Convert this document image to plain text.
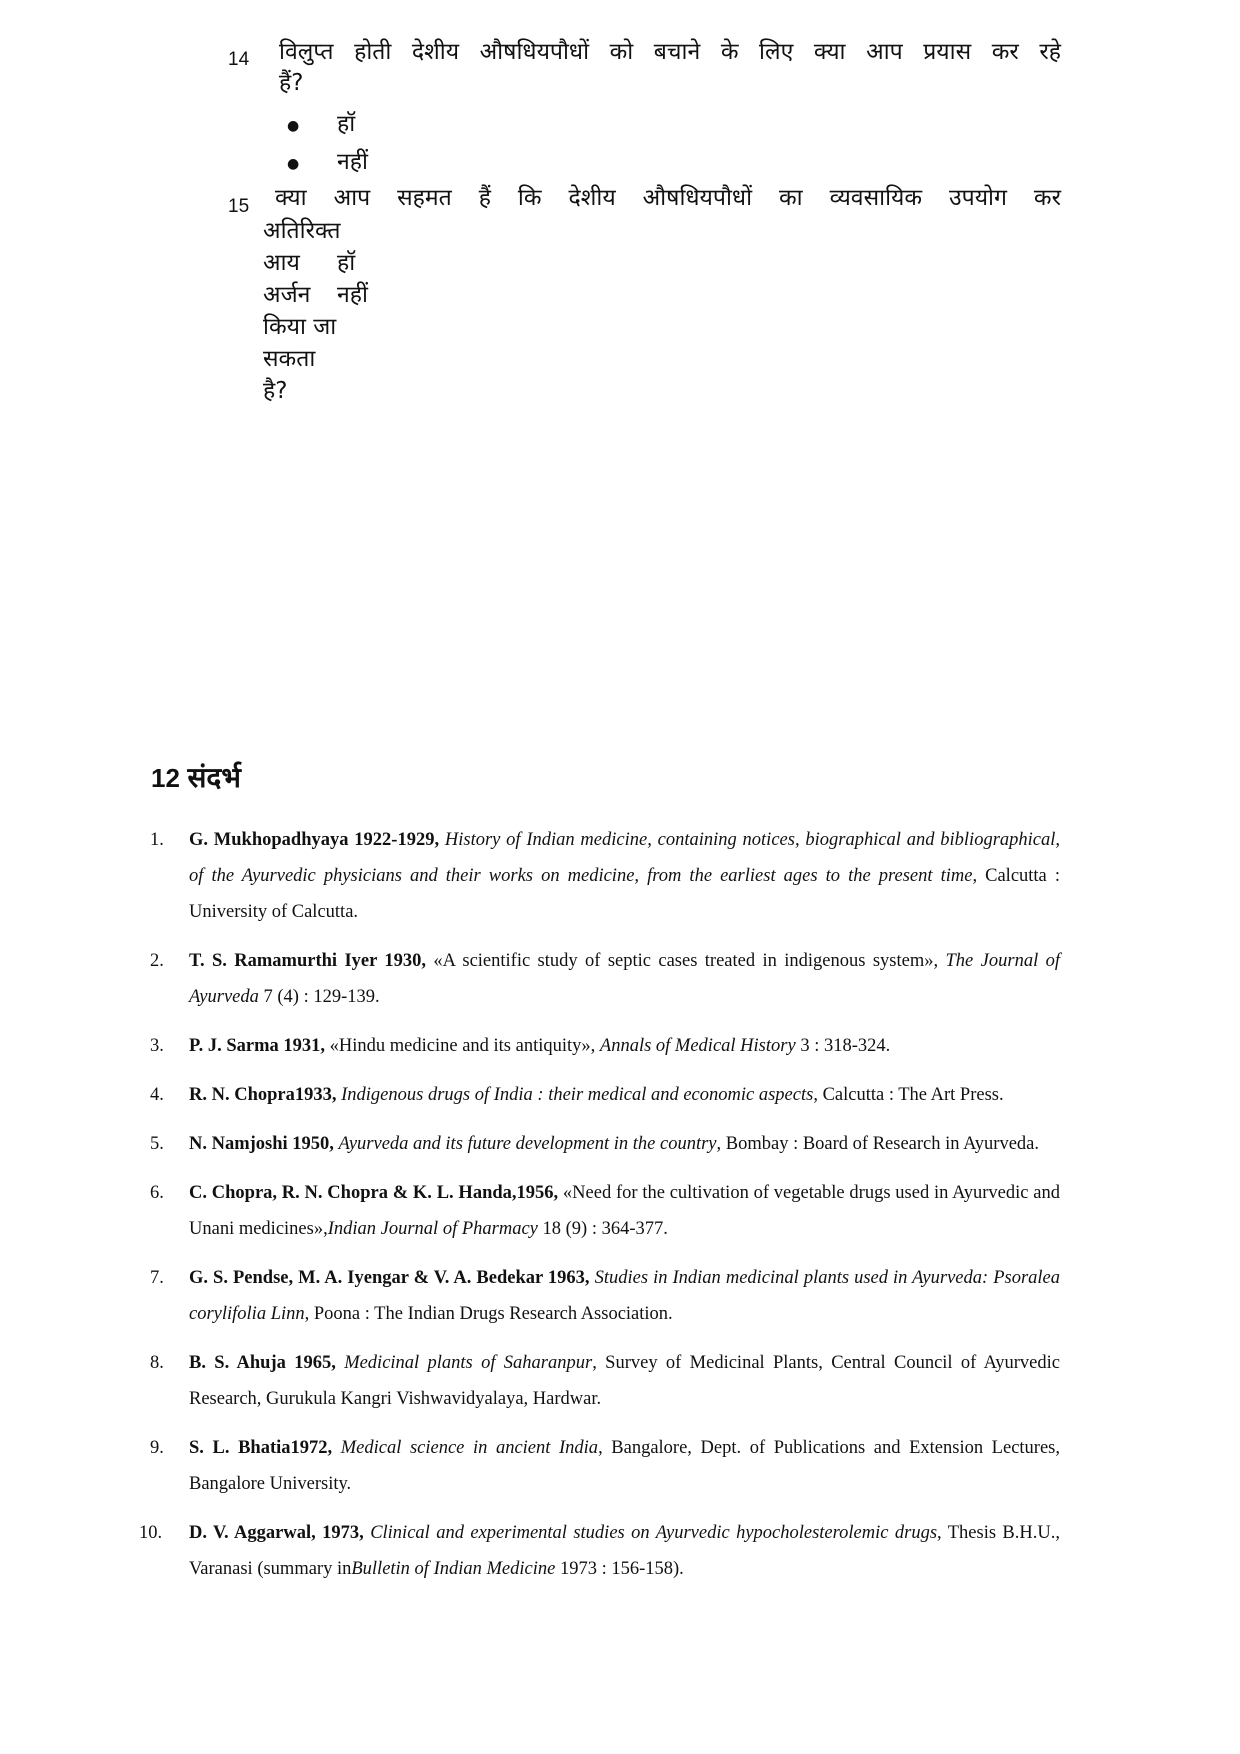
14 विलुप्त होती देशीय औषधियपौधों को बचाने के लिए क्या आप प्रयास कर रहे
हैं?
● हॉ
● नहीं
15 क्या आप सहमत हैं कि देशीय औषधियपौधों का व्यवसायिक उपयोग कर
अतिरिक्त आय अर्जन किया जा सकता है?
हॉ
नहीं
12 संदर्भ
1. G. Mukhopadhyaya 1922-1929, History of Indian medicine, containing notices, biographical and bibliographical, of the Ayurvedic physicians and their works on medicine, from the earliest ages to the present time, Calcutta : University of Calcutta.
2. T. S. Ramamurthi Iyer 1930, «A scientific study of septic cases treated in indigenous system», The Journal of Ayurveda 7 (4) : 129-139.
3. P. J. Sarma 1931, «Hindu medicine and its antiquity», Annals of Medical History 3 : 318-324.
4. R. N. Chopra1933, Indigenous drugs of India : their medical and economic aspects, Calcutta : The Art Press.
5. N. Namjoshi 1950, Ayurveda and its future development in the country, Bombay : Board of Research in Ayurveda.
6. C. Chopra, R. N. Chopra & K. L. Handa,1956, «Need for the cultivation of vegetable drugs used in Ayurvedic and Unani medicines»,Indian Journal of Pharmacy 18 (9) : 364-377.
7. G. S. Pendse, M. A. Iyengar & V. A. Bedekar 1963, Studies in Indian medicinal plants used in Ayurveda: Psoralea corylifolia Linn, Poona : The Indian Drugs Research Association.
8. B. S. Ahuja 1965, Medicinal plants of Saharanpur, Survey of Medicinal Plants, Central Council of Ayurvedic Research, Gurukula Kangri Vishwavidyalaya, Hardwar.
9. S. L. Bhatia1972, Medical science in ancient India, Bangalore, Dept. of Publications and Extension Lectures, Bangalore University.
10. D. V. Aggarwal, 1973, Clinical and experimental studies on Ayurvedic hypocholesterolemic drugs, Thesis B.H.U., Varanasi (summary inBulletin of Indian Medicine 1973 : 156-158).
